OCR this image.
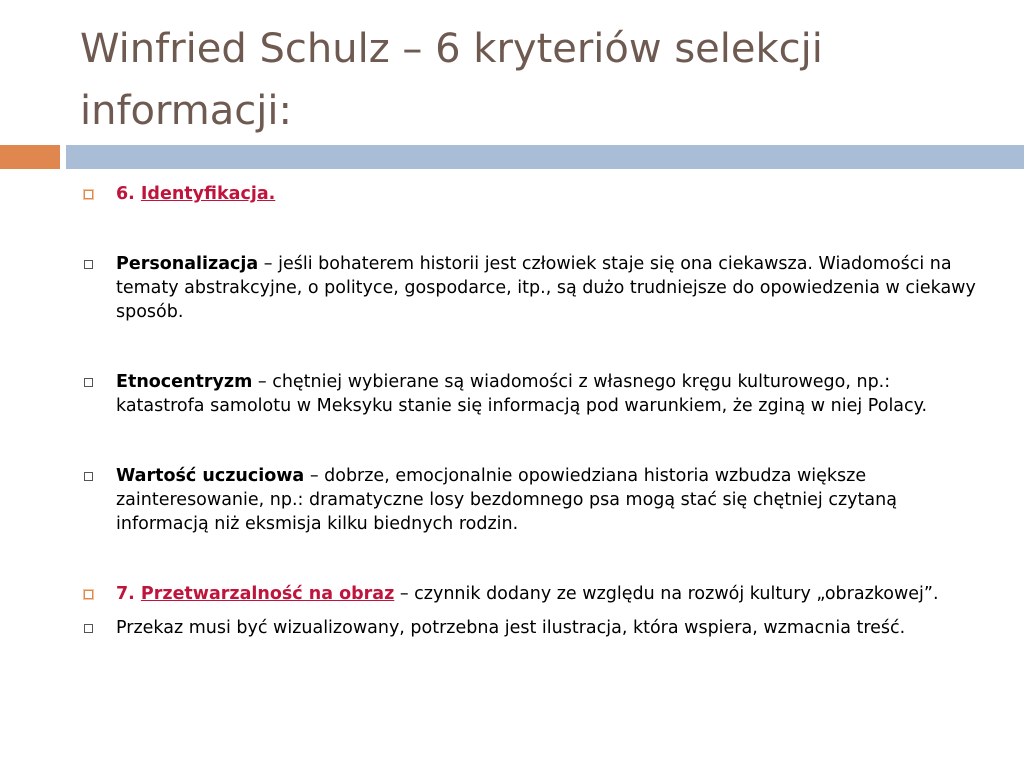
Winfried Schulz – 6 kryteriów selekcji informacji:
6. Identyfikacja.
Personalizacja – jeśli bohaterem historii jest człowiek staje się ona ciekawsza. Wiadomości na tematy abstrakcyjne, o polityce, gospodarce, itp., są dużo trudniejsze do opowiedzenia w ciekawy sposób.
Etnocentryzm – chętniej wybierane są wiadomości z własnego kręgu kulturowego, np.: katastrofa samolotu w Meksyku stanie się informacją pod warunkiem, że zginą w niej Polacy.
Wartość uczuciowa – dobrze, emocjonalnie opowiedziana historia wzbudza większe zainteresowanie, np.: dramatyczne losy bezdomnego psa mogą stać się chętniej czytaną informacją niż eksmisja kilku biednych rodzin.
7. Przetwarzalność na obraz – czynnik dodany ze względu na rozwój kultury „obrazkowej”.
Przekaz musi być wizualizowany, potrzebna jest ilustracja, która wspiera, wzmacnia treść.
